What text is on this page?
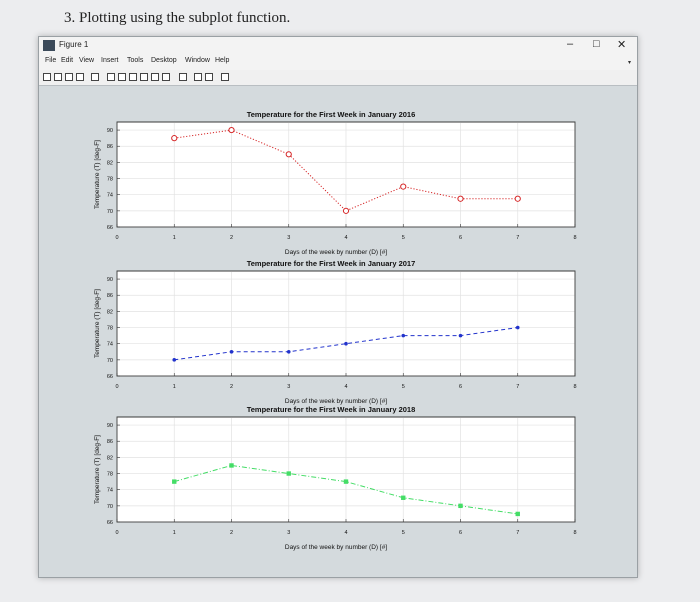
3. Plotting using the subplot function.
Figure 1	– □ ✕
File Edit View Insert Tools Desktop Window Help	▾
0	1	2	3	4	5	6	7	8
66
70
74
78
82
86
90
Temperature for the First Week in January 2016
Days of the week by number (D) [#]
Temperature (T) [deg-F]
0	1	2	3	4	5	6	7	8
66
70
74
78
82
86
90
Temperature for the First Week in January 2017
Days of the week by number (D) [#]
Temperature (T) [deg-F]
0	1	2	3	4	5	6	7	8
66
70
74
78
82
86
90
Temperature for the First Week in January 2018
Days of the week by number (D) [#]
Temperature (T) [deg-F]
